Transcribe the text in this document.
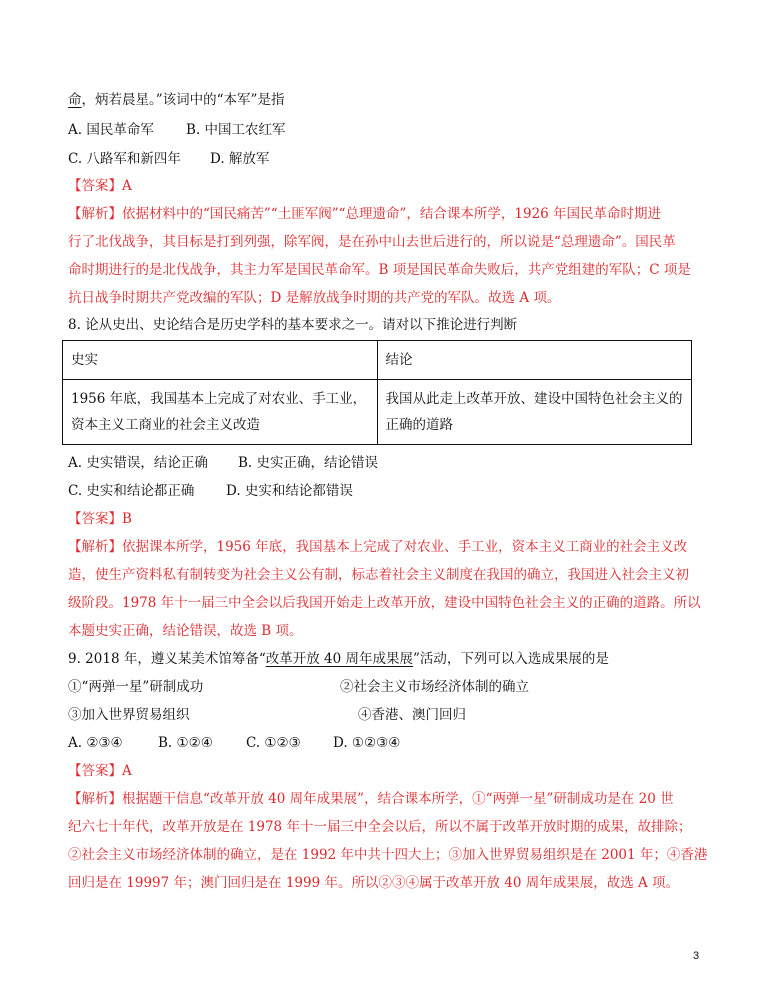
命，炳若晨星。”该词中的“本军”是指
A. 国民革命军 B. 中国工农红军
C. 八路军和新四年 D. 解放军
【答案】A
【解析】依据材料中的“国民痛苦”“土匪军阀”“总理遗命”，结合课本所学，1926 年国民革命时期进
行了北伐战争，其目标是打到列强，除军阀，是在孙中山去世后进行的，所以说是“总理遗命”。国民革
命时期进行的是北伐战争，其主力军是国民革命军。B 项是国民革命失败后，共产党组建的军队；C 项是
抗日战争时期共产党改编的军队；D 是解放战争时期的共产党的军队。故选 A 项。
8. 论从史出、史论结合是历史学科的基本要求之一。请对以下推论进行判断
史实	结论
1956 年底，我国基本上完成了对农业、手工业，资本主义工商业的社会主义改造	我国从此走上改革开放、建设中国特色社会主义的正确的道路
A. 史实错误，结论正确 B. 史实正确，结论错误
C. 史实和结论都正确 D. 史实和结论都错误
【答案】B
【解析】依据课本所学，1956 年底，我国基本上完成了对农业、手工业，资本主义工商业的社会主义改
造，使生产资料私有制转变为社会主义公有制，标志着社会主义制度在我国的确立，我国进入社会主义初
级阶段。1978 年十一届三中全会以后我国开始走上改革开放，建设中国特色社会主义的正确的道路。所以
本题史实正确，结论错误，故选 B 项。
9. 2018 年，遵义某美术馆筹备“改革开放 40 周年成果展”活动，下列可以入选成果展的是
①“两弹一星”研制成功	②社会主义市场经济体制的确立
③加入世界贸易组织	④香港、澳门回归
A. ②③④	B. ①②④ C. ①②③ D. ①②③④
【答案】A
【解析】根据题干信息“改革开放 40 周年成果展”，结合课本所学，①“两弹一星”研制成功是在 20 世
纪六七十年代，改革开放是在 1978 年十一届三中全会以后，所以不属于改革开放时期的成果，故排除；
②社会主义市场经济体制的确立，是在 1992 年中共十四大上；③加入世界贸易组织是在 2001 年；④香港
回归是在 19997 年；澳门回归是在 1999 年。所以②③④属于改革开放 40 周年成果展，故选 A 项。
3
